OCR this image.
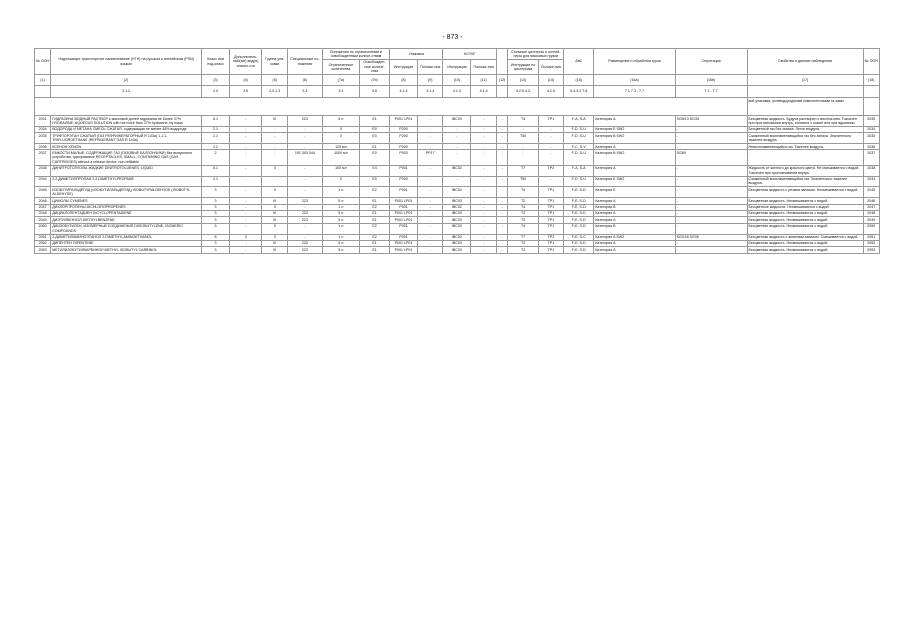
- 873 -
№ ООН	Надлежащее транспортное наименование (НТН) на русском и английском (PSN) языках	Класс или под-класс	Дополнитель-ный(ые) вид(ы) опасно-сти	Группа упа-ковки	Специальные по-ложения	Положения по ограниченным и освобожденным количе-ствам		Упаковка		КСГМГ			Съемные цистерны и контей-неры для массовых грузов		АвС	Размещение и обработка груза	Сегрегация	Свойства и данные наблюдения	№ ООН
						Ограниченные количества	Освобожден-ные количе-ства	Инструкции	Положе-ния	Инструкции	Положе-ния		Инструкции по цистернам	Положе-ния					
(1)	(2)	(3)	(4)	(5)	(6)	(7a)	(7b)	(8)	(9)	(10)	(11)	(12)	(13)	(14)	(15)	(16a)	(16b)	(17)	(18)
	3.1.2	2.0	2.0	2.0.1.3	3.3	3.4	3.5	4.1.4	4.1.4	4.1.4	4.1.4		4.2.5 4.3	4.2.5	5.4.3.2 7.8	7.1 7.3 - 7.7	7.2 - 7.7		
																		вой упаковки, углеводородными компонентными га-зами	
2031	ГИДРАЗИНА ВОДНЫЙ РАСТВОР с массовой долей гидразина не более 37% HYDRAZINE, AQUEOUS SOLUTION with not more than 37% hydrazine, by mass	6.1	-	III	223	5 л	E1	P001 LP01	-	IBC03	-	-	T4	TP1	F-A, S-A	Категория A	SG5/13 SG35	Бесцветная жидкость. Будучи растворен с воспла-ним. Токсичен при проглатывании внутрь, контакте с кожей или при вдыхании.	2030
2034	ВОДОРОДА И МЕТАНА СМЕСЬ СЖАТАЯ, содержащая не менее 48% водорода	2.1	-	-	-	0	E0	P200	-	-	-	-	-	-	F-D, S-U	Категория E SW2	-	Бесцветный газ без запаха. Легче воздуха.	2034
2035	ТРИФТОРЭТАН СЖАТЫЙ (ГАЗ РЕФРИЖЕРАТОРНЫЙ R 143a) 1,1,1-TRIFLUOROETHANE (REFRIGERANT GAS R 143a)	2.1	-	-	-	0	E0	P200	-	-	-	-	T50	-	F-D, S-U	Категория B SW2	-	Сжиженный воспламеняющийся газ без запаха. Значительно тяжелее воздуха.	2035
2036	КСЕНОН XENON	2.2	-	-	-	120 мл	E1	P200	-	-	-	-	-	-	F-C, S-V	Категория A	-	Невоспламеняющийся газ. Тяжелее воздуха.	2036
2037	ЕМКОСТИ МАЛЫЕ, СОДЕРЖАЩИЕ ГАЗ (ГАЗОВЫЕ БАЛЛОНЧИКИ) без выпускного устройства, одноразовые RECEPTACLES, SMALL, CONTAINING GAS (GAS CARTRIDGES) without a release device, non-refillable	2	-	-	191 303 344	1000 мл	E0	P003	PP17	-	-	-	-	-	F-D, S-U	Категория B SW2	SG69	-	2037
2038	ДИНИТРОТОЛУОЛЫ ЖИДКИЕ DINITROTOLUENES, LIQUID	6.1	-	II	-	100 мл	E4	P001	-	IBC02	-	-	T7	TP2	F-A, S-A	Категория A	-	Жидкость от желтого до красного цвета. Не смешивается с водой. Токсичен при проглатывании внутрь.	2038
2044	2,2-ДИМЕТИЛПРОПАН 2,2-DIMETHYLPROPANE	2.1	-	-	-	0	E0	P200	-	-	-	-	T50	-	F-D, S-U	Категория E SW2	-	Сжиженный воспламеняющийся газ. Значительно тяжелее воздуха.	2044
2045	ИЗОБУТИРАЛЬДЕГИД (ИЗОБУТИЛАЛЬДЕГИД) ISOBUTYRALDEHYDE (ISOBUTYL ALDEHYDE)	3	-	II	-	1 л	E2	P001	-	IBC02	-	-	T4	TP1	F-E, S-D	Категория E	-	Бесцветная жидкость с резким запахом. Несмешивается с водой.	2045
2046	ЦИМОЛЫ CYMENES	3	-	III	223	5 л	E1	P001 LP01	-	IBC03	-	-	T2	TP1	F-E, S-D	Категория A	-	Бесцветная жидкость. Несмешивается с водой.	2046
2047	ДИХЛОРПРОПЕНЫ DICHLOROPROPENES	3	-	II	-	1 л	E2	P001	-	IBC02	-	-	T4	TP1	F-E, S-D	Категория B	-	Бесцветные жидкости. Несмешиваются с водой.	2047
2048	ДИЦИКЛОПЕНТАДИЕН DICYCLOPENTADIENE	3	-	III	223	5 л	E1	P001 LP01	-	IBC03	-	-	T2	TP1	F-E, S-D	Категория A	-	Бесцветная жидкость. Несмешивается с водой.	2048
2049	ДИЭТИЛБЕНЗОЛ DIETHYLBENZENE	3	-	III	223	5 л	E1	P001 LP01	-	IBC03	-	-	T2	TP1	F-E, S-D	Категория A	-	Бесцветная жидкость. Несмешивается с водой.	2049
2050	ДИИЗОБУТИЛЕН, ИЗОМЕРНЫЕ СОЕДИНЕНИЯ DIISOBUTYLENE, ISOMERIC COMPOUNDS	3	-	II	-	1 л	E2	P001	-	IBC02	-	-	T4	TP1	F-E, S-D	Категория B	-	Бесцветная жидкость. Несмешивается с водой.	2050
2051	2-ДИМЕТИЛАМИНОЭТАНОЛ 2-DIMETHYLAMINOETHANOL	8	3	II	-	1 л	E2	P001	-	IBC02	-	-	T7	TP2	F-E, S-C	Категория A SW2	SGG18 SG35	Бесцветная жидкость с аминным запахом. Смешивается с водой.	2051
2052	ДИПЕНТЕН DIPENTENE	3	-	III	223	5 л	E1	P001 LP01	-	IBC03	-	-	T2	TP1	F-E, S-D	Категория A	-	Бесцветная жидкость. Несмешивается с водой.	2052
2053	МЕТИЛИЗОБУТИЛКАРБИНОЛ METHYL ISOBUTYL CARBINOL	3	-	III	223	5 л	E1	P001 LP01	-	IBC03	-	-	T2	TP1	F-E, S-D	Категория A	-	Бесцветная жидкость. Несмешивается с водой.	2053
